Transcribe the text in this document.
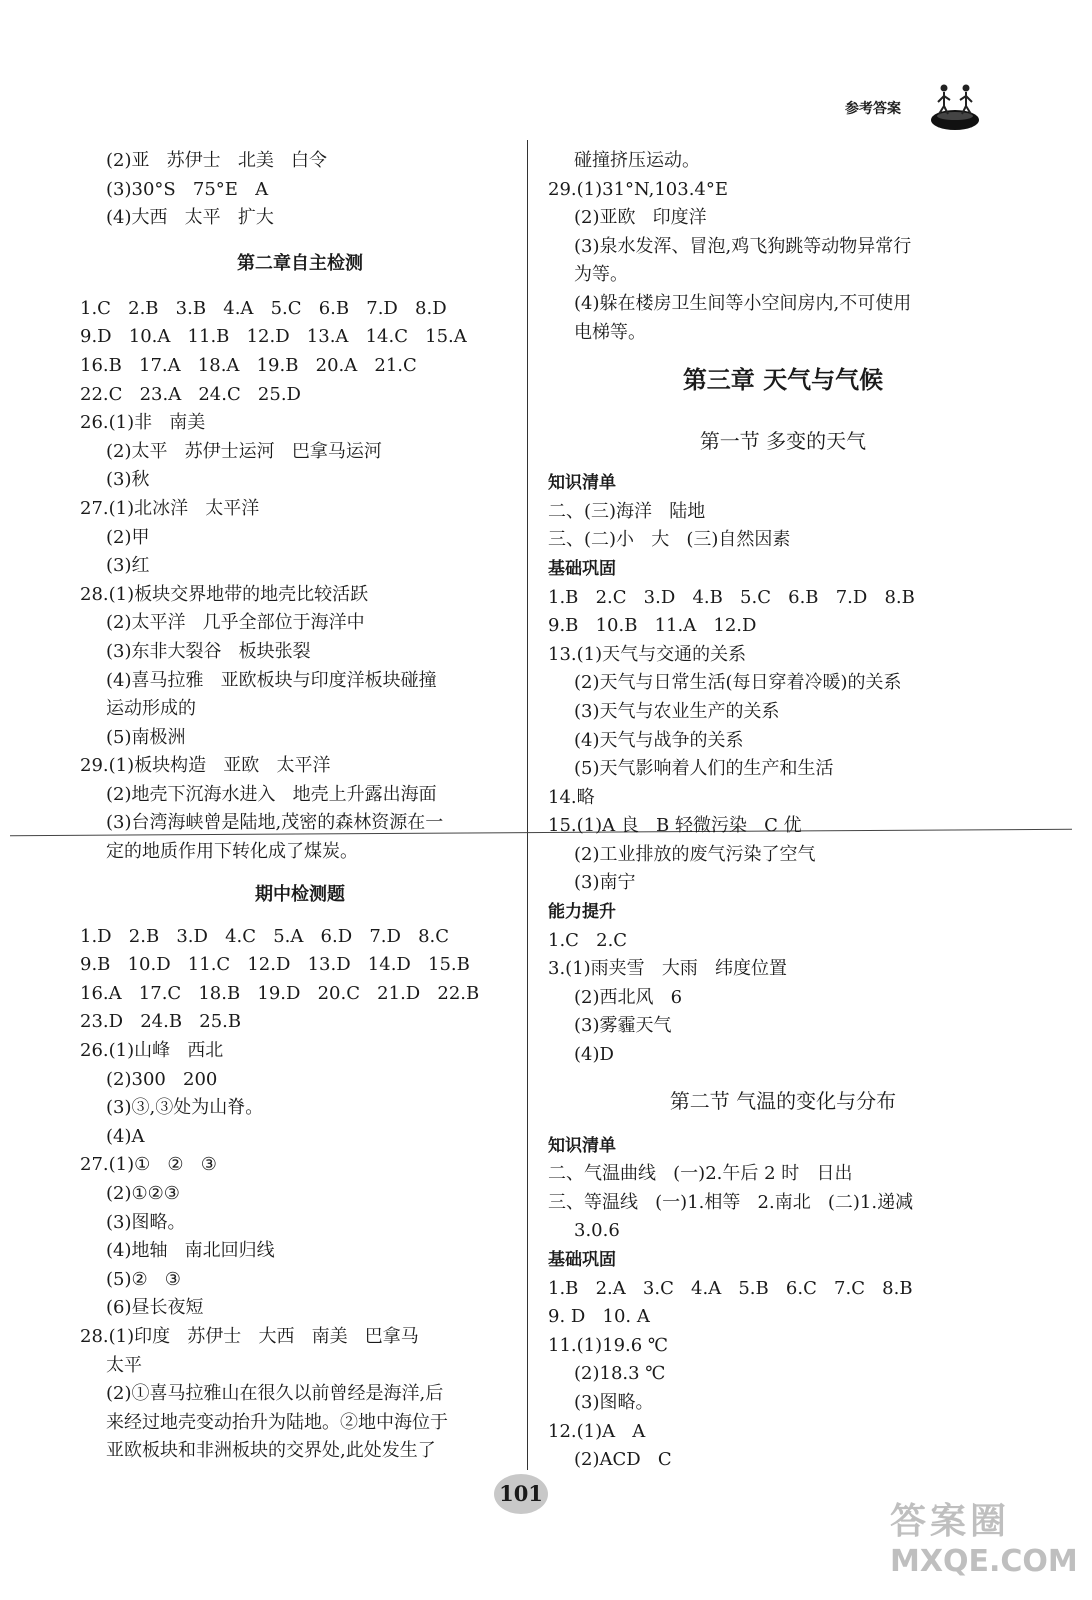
参考答案
(2)亚   苏伊士   北美   白令
(3)30°S   75°E   A
(4)大西   太平   扩大
第二章自主检测
1.C   2.B   3.B   4.A   5.C   6.B   7.D   8.D
9.D   10.A   11.B   12.D   13.A   14.C   15.A
16.B   17.A   18.A   19.B   20.A   21.C
22.C   23.A   24.C   25.D
26.(1)非   南美
(2)太平   苏伊士运河   巴拿马运河
(3)秋
27.(1)北冰洋   太平洋
(2)甲
(3)红
28.(1)板块交界地带的地壳比较活跃
(2)太平洋   几乎全部位于海洋中
(3)东非大裂谷   板块张裂
(4)喜马拉雅   亚欧板块与印度洋板块碰撞
运动形成的
(5)南极洲
29.(1)板块构造   亚欧   太平洋
(2)地壳下沉海水进入   地壳上升露出海面
(3)台湾海峡曾是陆地,茂密的森林资源在一
定的地质作用下转化成了煤炭。
期中检测题
1.D   2.B   3.D   4.C   5.A   6.D   7.D   8.C
9.B   10.D   11.C   12.D   13.D   14.D   15.B
16.A   17.C   18.B   19.D   20.C   21.D   22.B
23.D   24.B   25.B
26.(1)山峰   西北
(2)300   200
(3)③,③处为山脊。
(4)A
27.(1)①   ②   ③
(2)①②③
(3)图略。
(4)地轴   南北回归线
(5)②   ③
(6)昼长夜短
28.(1)印度   苏伊士   大西   南美   巴拿马
太平
(2)①喜马拉雅山在很久以前曾经是海洋,后
来经过地壳变动抬升为陆地。②地中海位于
亚欧板块和非洲板块的交界处,此处发生了
碰撞挤压运动。
29.(1)31°N,103.4°E
(2)亚欧   印度洋
(3)泉水发浑、冒泡,鸡飞狗跳等动物异常行
为等。
(4)躲在楼房卫生间等小空间房内,不可使用
电梯等。
第三章 天气与气候
第一节 多变的天气
知识清单
二、(三)海洋   陆地
三、(二)小   大   (三)自然因素
基础巩固
1.B   2.C   3.D   4.B   5.C   6.B   7.D   8.B
9.B   10.B   11.A   12.D
13.(1)天气与交通的关系
(2)天气与日常生活(每日穿着冷暖)的关系
(3)天气与农业生产的关系
(4)天气与战争的关系
(5)天气影响着人们的生产和生活
14.略
15.(1)A 良   B 轻微污染   C 优
(2)工业排放的废气污染了空气
(3)南宁
能力提升
1.C   2.C
3.(1)雨夹雪   大雨   纬度位置
(2)西北风   6
(3)雾霾天气
(4)D
第二节 气温的变化与分布
知识清单
二、气温曲线   (一)2.午后 2 时   日出
三、等温线   (一)1.相等   2.南北   (二)1.递减
3.0.6
基础巩固
1.B   2.A   3.C   4.A   5.B   6.C   7.C   8.B
9. D   10. A
11.(1)19.6 ℃
(2)18.3 ℃
(3)图略。
12.(1)A   A
(2)ACD   C
101
答案圈
MXQE.COM
